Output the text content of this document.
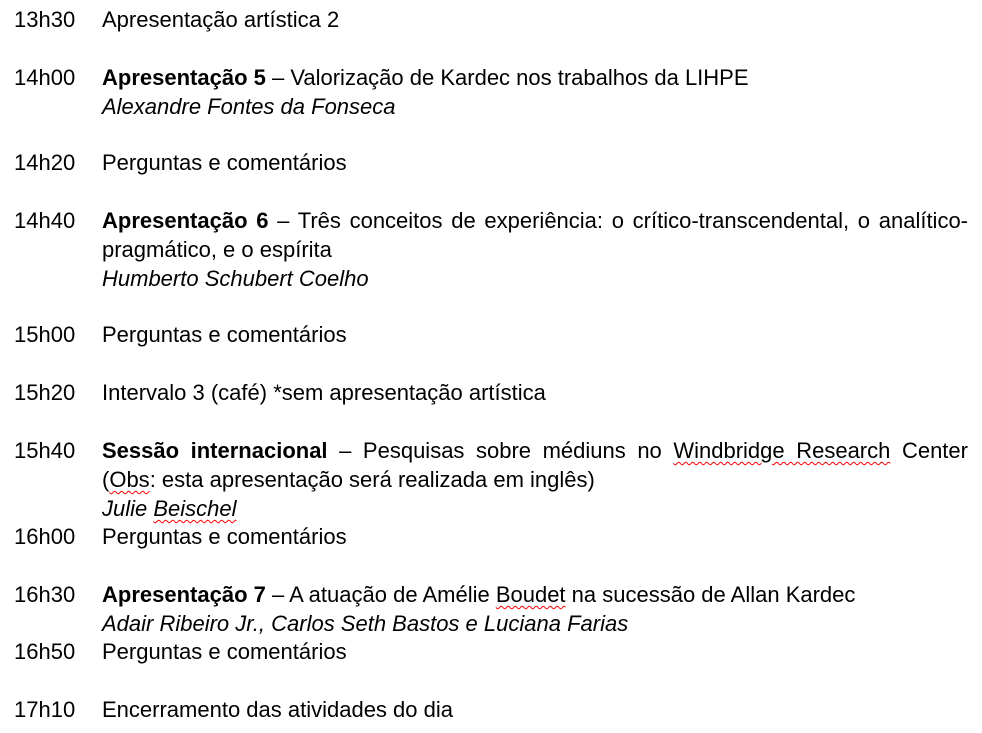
13h30 Apresentação artística 2
14h00 Apresentação 5 – Valorização de Kardec nos trabalhos da LIHPE
Alexandre Fontes da Fonseca
14h20 Perguntas e comentários
14h40 Apresentação 6 – Três conceitos de experiência: o crítico-transcendental, o analítico-pragmático, e o espírita
Humberto Schubert Coelho
15h00 Perguntas e comentários
15h20 Intervalo 3 (café) *sem apresentação artística
15h40 Sessão internacional – Pesquisas sobre médiuns no Windbridge Research Center (Obs: esta apresentação será realizada em inglês)
Julie Beischel
16h00 Perguntas e comentários
16h30 Apresentação 7 – A atuação de Amélie Boudet na sucessão de Allan Kardec
Adair Ribeiro Jr., Carlos Seth Bastos e Luciana Farias
16h50 Perguntas e comentários
17h10 Encerramento das atividades do dia
